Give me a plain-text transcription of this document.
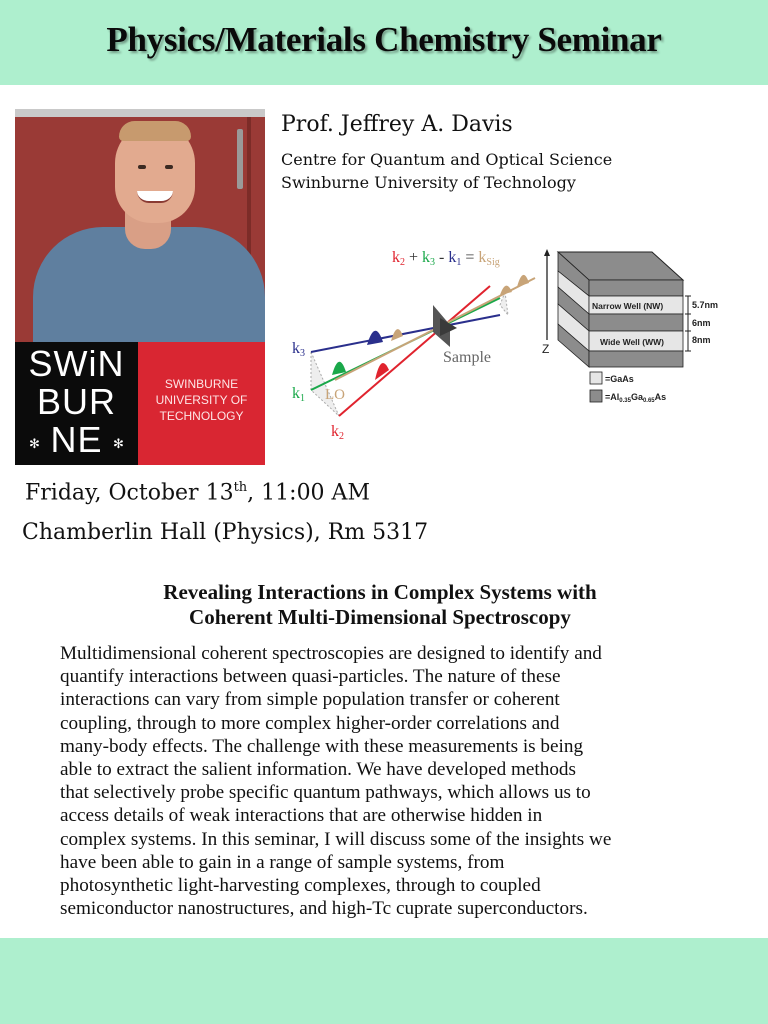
Physics/Materials Chemistry Seminar
SWiN
BUR
NE
✻	✻
SWINBURNE
UNIVERSITY OF
TECHNOLOGY
Prof. Jeffrey A. Davis
Centre for Quantum and Optical Science
Swinburne University of Technology
k2 + k3 - k1 = kSig
k3
k1
k2
LO
Sample	Z
Narrow Well (NW)
Wide Well (WW)
5.7nm
6nm
8nm
=GaAs
$=Al_{0.35}Ga_{0.65}As$
Friday, October 13th, 11:00 AM
Chamberlin Hall (Physics), Rm 5317
Revealing Interactions in Complex Systems with
Coherent Multi-Dimensional Spectroscopy
Multidimensional coherent spectroscopies are designed to identify and
quantify interactions between quasi-particles. The nature of these
interactions can vary from simple population transfer or coherent
coupling, through to more complex higher-order correlations and
many-body effects. The challenge with these measurements is being
able to extract the salient information. We have developed methods
that selectively probe specific quantum pathways, which allows us to
access details of weak interactions that are otherwise hidden in
complex systems. In this seminar, I will discuss some of the insights we
have been able to gain in a range of sample systems, from
photosynthetic light-harvesting complexes, through to coupled
semiconductor nanostructures, and high-Tc cuprate superconductors.
